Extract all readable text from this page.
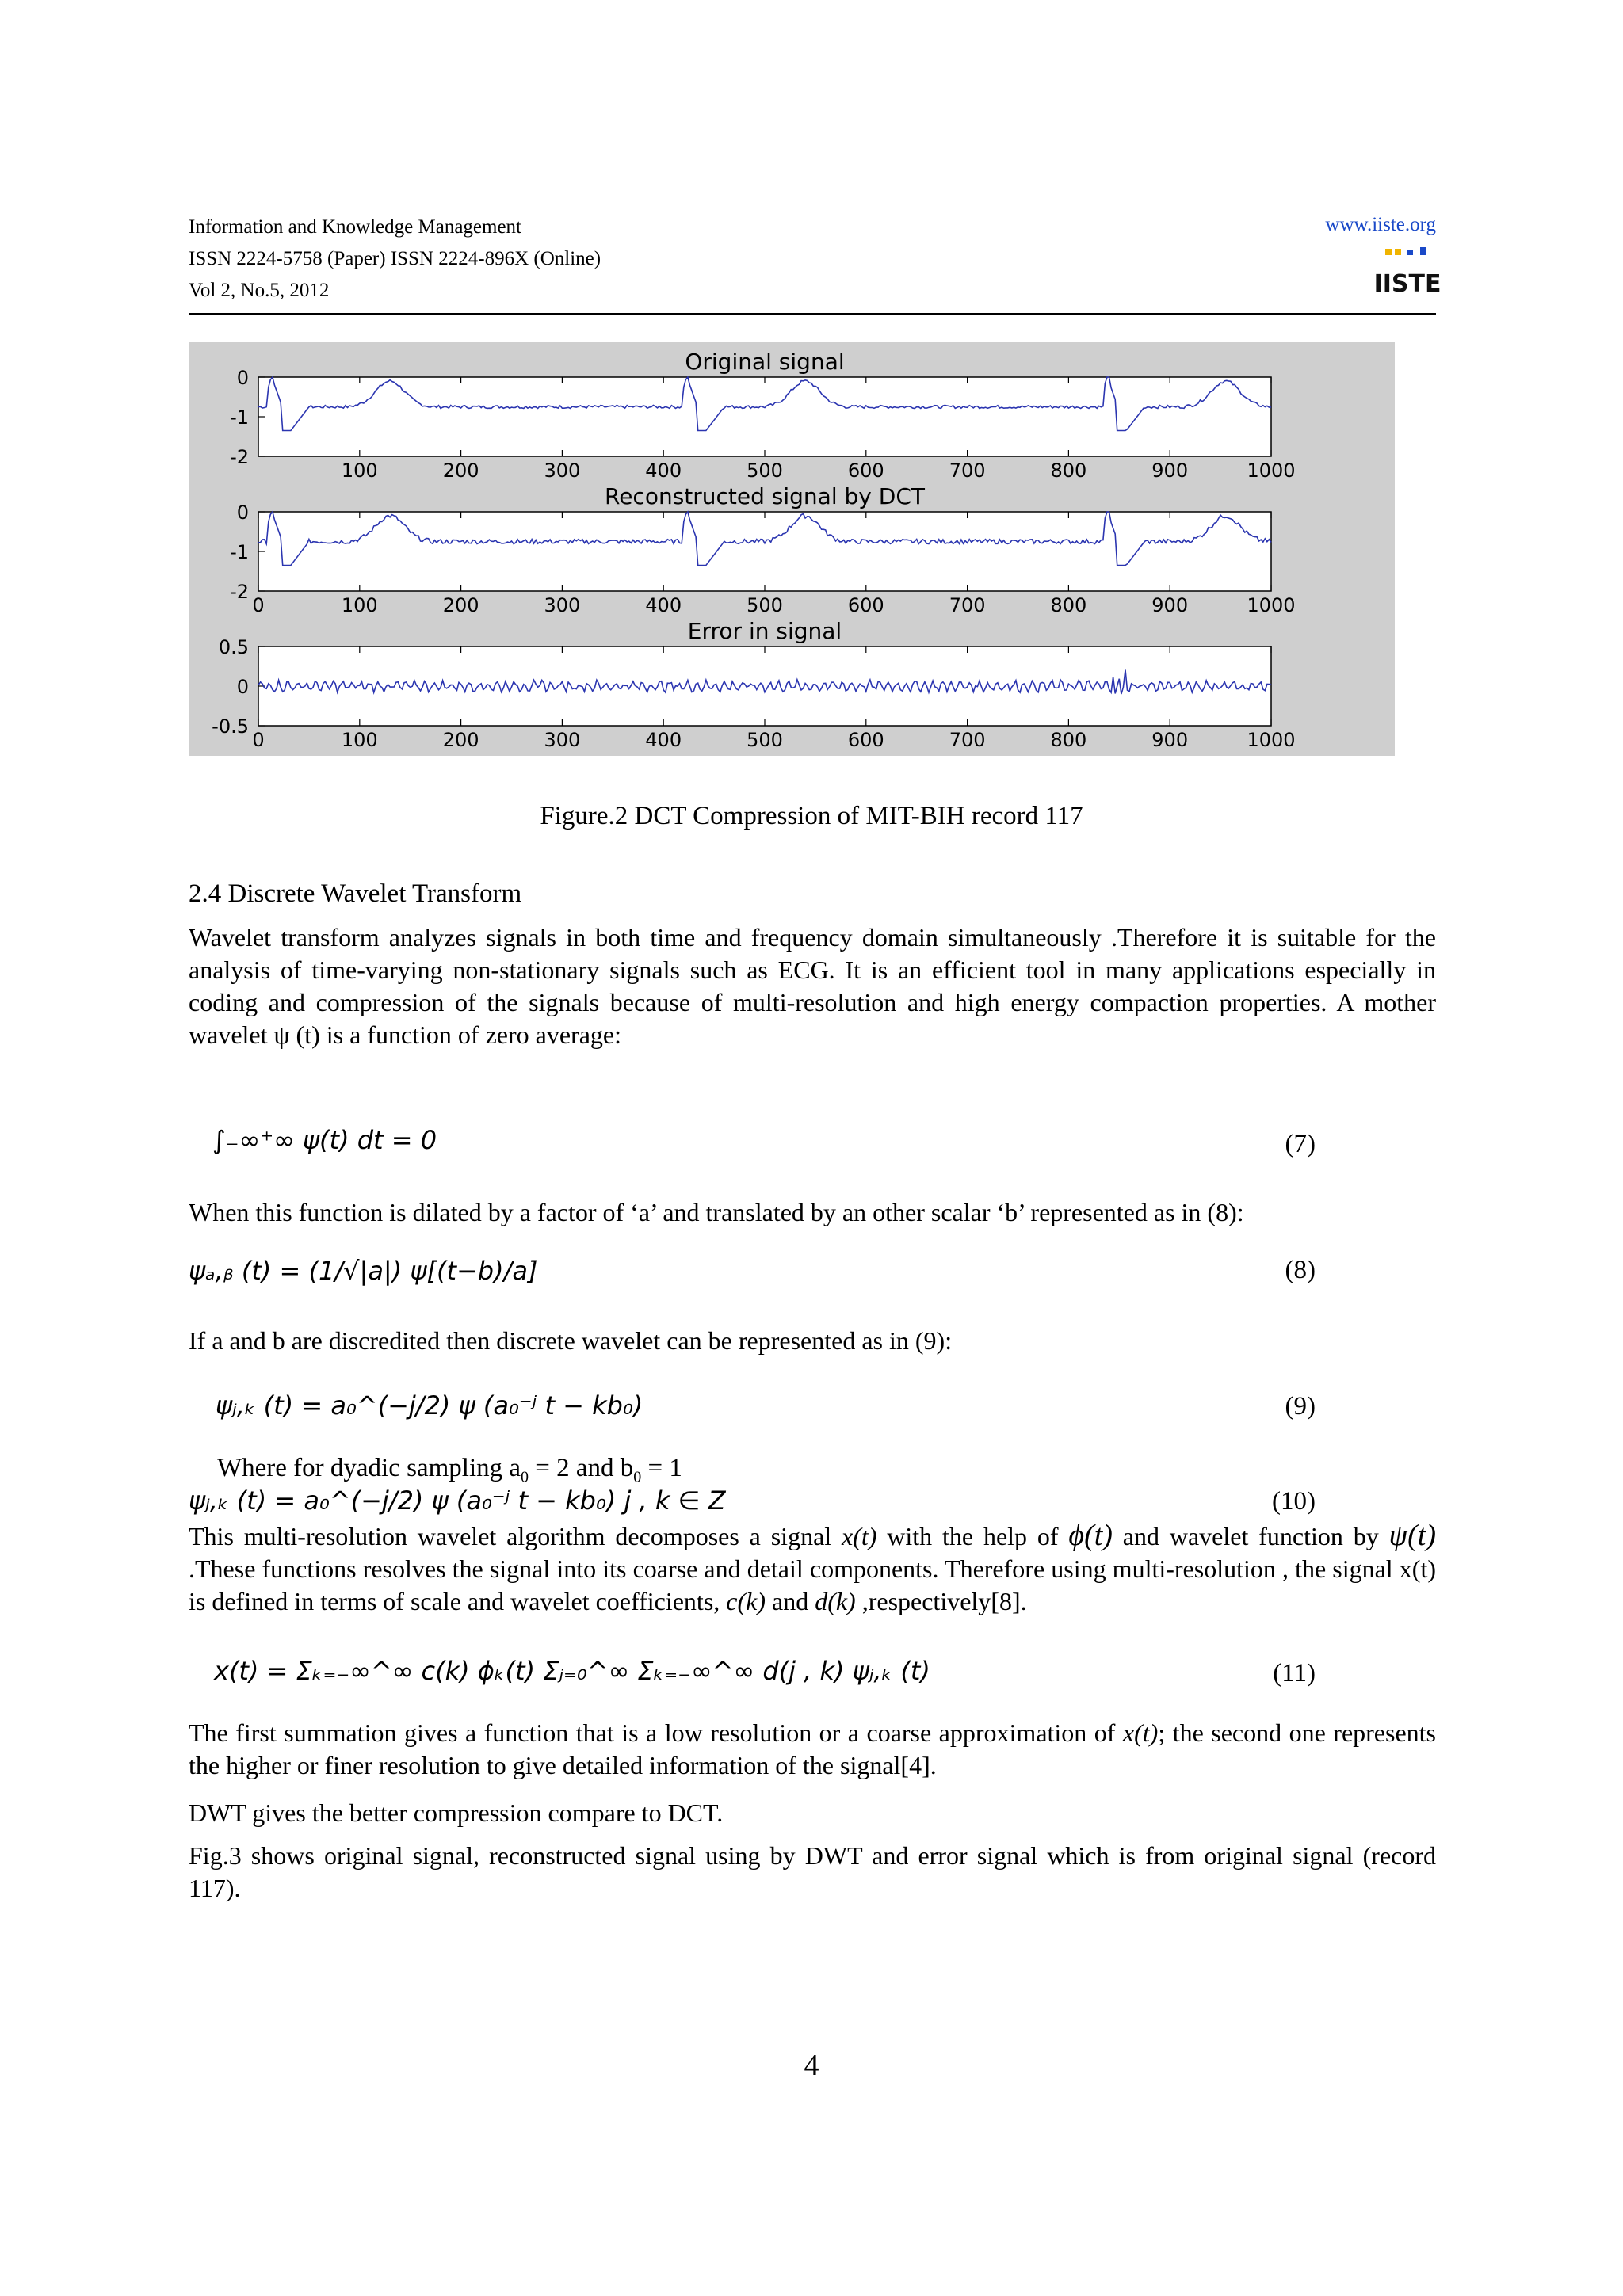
Information and Knowledge Management
ISSN 2224-5758 (Paper) ISSN 2224-896X (Online)
Vol 2, No.5, 2012
www.iiste.org
IISTE
Original signal
0
-1
-2
100	200	300	400	500	600	700	800	900	1000
Reconstructed signal by DCT
0
-1
-2
0	100	200	300	400	500	600	700	800	900	1000
Error in signal
0.5
0
-0.5
0	100	200	300	400	500	600	700	800	900	1000
Figure.2 DCT Compression of MIT-BIH record 117
2.4 Discrete Wavelet Transform
Wavelet transform analyzes signals in both time and frequency domain simultaneously .Therefore it is suitable for the analysis of time-varying non-stationary signals such as ECG. It is an efficient tool in many applications especially in coding and compression of the signals because of multi-resolution and high energy compaction properties. A mother wavelet ψ (t) is a function of zero average:
∫₋∞⁺∞ ψ(t) dt = 0	(7)
When this function is dilated by a factor of ‘a’ and translated by an other scalar ‘b’ represented as in (8):
ψₐ,ᵦ (t) = (1/√|a|) ψ[(t−b)/a]	(8)
If a and b are discredited then discrete wavelet can be represented as in (9):
ψⱼ,ₖ (t) = a₀^(−j/2) ψ (a₀⁻ʲ t − kb₀)	(9)
Where for dyadic sampling $a_0 = 2$ and $b_0 = 1$
ψⱼ,ₖ (t) = a₀^(−j/2) ψ (a₀⁻ʲ t − kb₀) j , k ∈ Z	(10)
This multi-resolution wavelet algorithm decomposes a signal x(t) with the help of ϕ(t) and wavelet function by ψ(t) .These functions resolves the signal into its coarse and detail components. Therefore using multi-resolution , the signal x(t) is defined in terms of scale and wavelet coefficients, c(k) and d(k) ,respectively[8].
x(t) = Σₖ₌₋∞^∞ c(k) ϕₖ(t) Σⱼ₌₀^∞ Σₖ₌₋∞^∞ d(j , k) ψⱼ,ₖ (t)	(11)
The first summation gives a function that is a low resolution or a coarse approximation of x(t); the second one represents the higher or finer resolution to give detailed information of the signal[4].
DWT gives the better compression compare to DCT.
Fig.3 shows original signal, reconstructed signal using by DWT and error signal which is from original signal (record 117).
4
